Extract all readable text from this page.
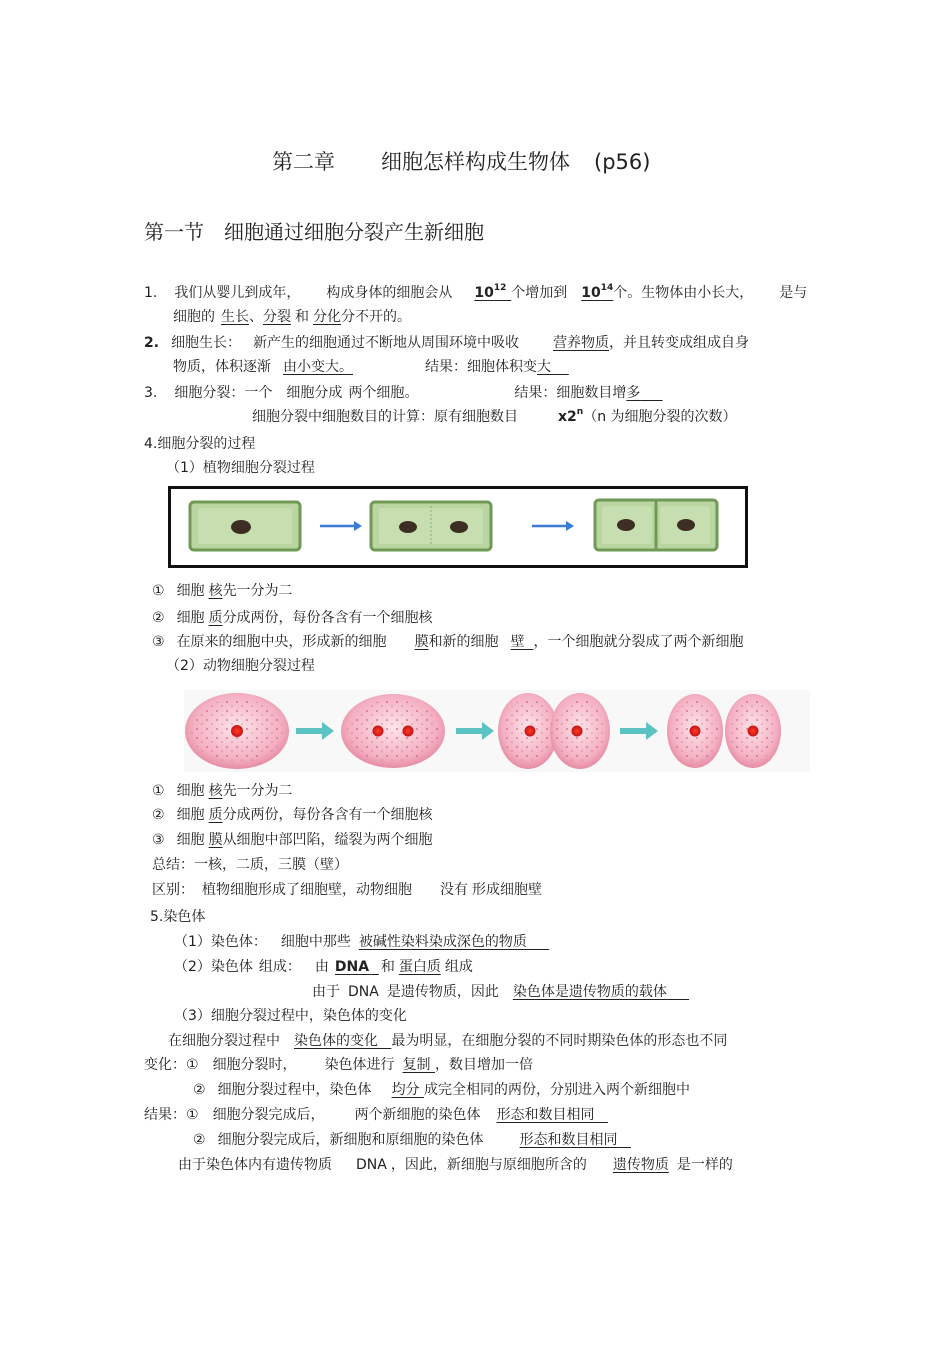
第二章 细胞怎样构成生物体 (p56)
第一节 细胞通过细胞分裂产生新细胞
1. 我们从婴儿到成年， 构成身体的细胞会从 $10^{12}$ 个增加到 $10^{14}$个。生物体由小长大， 是与
细胞的 生长、分裂 和 分化分不开的。
2. 细胞生长： 新产生的细胞通过不断地从周围环境中吸收 营养物质，并且转变成组成自身
物质，体积逐渐 由小变大。	结果：细胞体积变大
3. 细胞分裂：一个 细胞分成 两个细胞。	结果：细胞数目增多
细胞分裂中细胞数目的计算：原有细胞数目	x2$^n$（n 为细胞分裂的次数）
4.细胞分裂的过程
（1）植物细胞分裂过程
① 细胞 核先一分为二
② 细胞 质分成两份，每份各含有一个细胞核
③ 在原来的细胞中央，形成新的细胞 膜和新的细胞 壁 ，一个细胞就分裂成了两个新细胞
（2）动物细胞分裂过程
① 细胞 核先一分为二
② 细胞 质分成两份，每份各含有一个细胞核
③ 细胞 膜从细胞中部凹陷，缢裂为两个细胞
总结：一核，二质，三膜（壁）
区别： 植物细胞形成了细胞壁，动物细胞 没有 形成细胞壁
5.染色体
（1）染色体： 细胞中那些 被碱性染料染成深色的物质
（2）染色体 组成： 由 DNA 和 蛋白质 组成
由于 DNA 是遗传物质，因此 染色体是遗传物质的载体
（3）细胞分裂过程中，染色体的变化
在细胞分裂过程中 染色体的变化 最为明显，在细胞分裂的不同时期染色体的形态也不同
变化：① 细胞分裂时， 染色体进行 复制 ，数目增加一倍
② 细胞分裂过程中，染色体 均分 成完全相同的两份，分别进入两个新细胞中
结果：① 细胞分裂完成后， 两个新细胞的染色体 形态和数目相同
② 细胞分裂完成后，新细胞和原细胞的染色体	形态和数目相同
由于染色体内有遗传物质 DNA ，因此，新细胞与原细胞所含的 遗传物质 是一样的
